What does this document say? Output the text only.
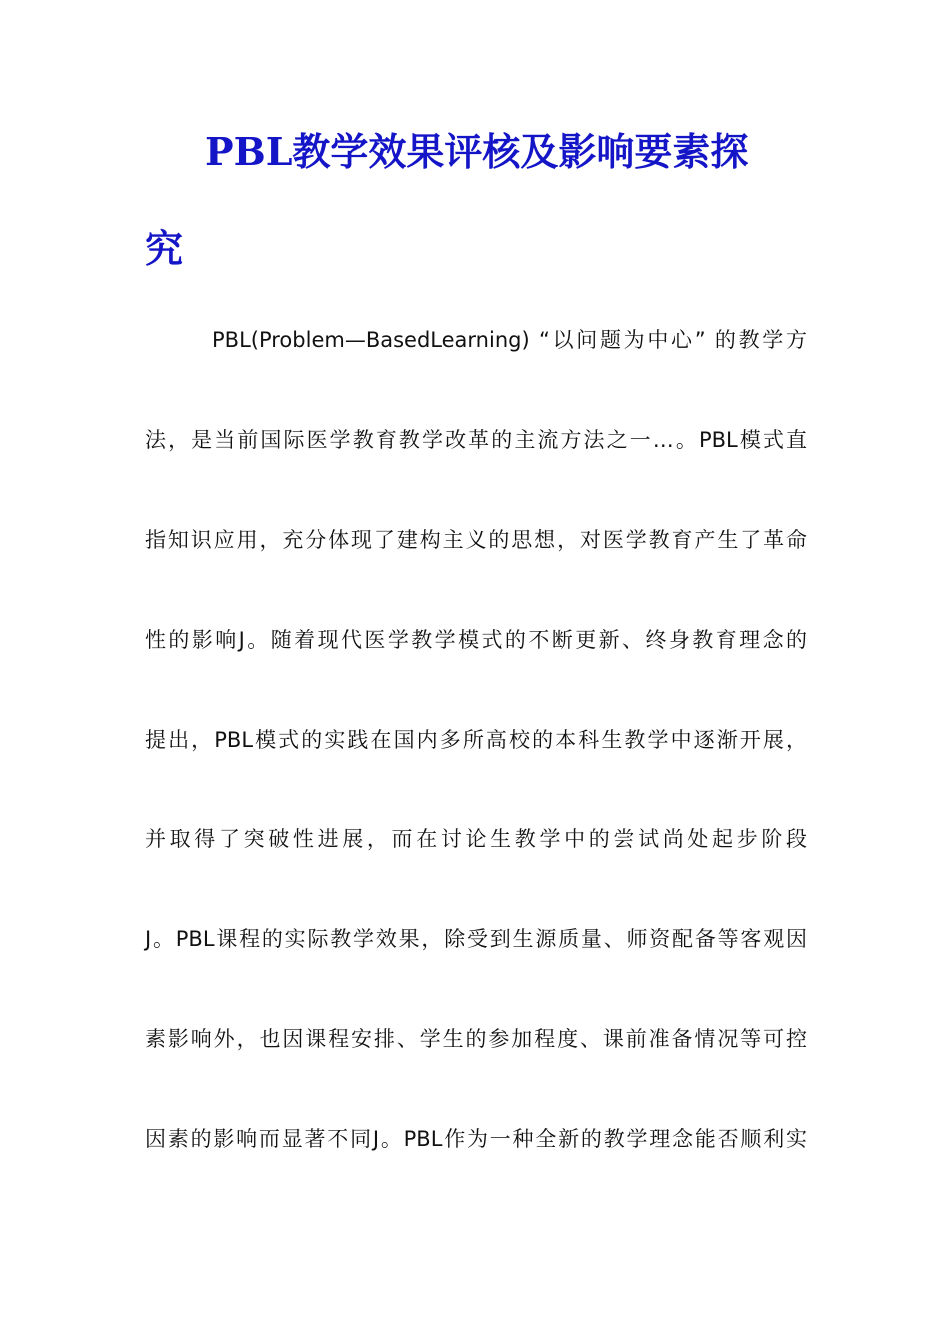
PBL教学效果评核及影响要素探
究
PBL(Problem—BasedLearning) “以问题为中心” 的教学方
法，是当前国际医学教育教学改革的主流方法之一…。PBL模式直
指知识应用，充分体现了建构主义的思想，对医学教育产生了革命
性的影响J。随着现代医学教学模式的不断更新、终身教育理念的
提出，PBL模式的实践在国内多所高校的本科生教学中逐渐开展，
并取得了突破性进展，而在讨论生教学中的尝试尚处起步阶段
J。PBL课程的实际教学效果，除受到生源质量、师资配备等客观因
素影响外，也因课程安排、学生的参加程度、课前准备情况等可控
因素的影响而显著不同J。PBL作为一种全新的教学理念能否顺利实
